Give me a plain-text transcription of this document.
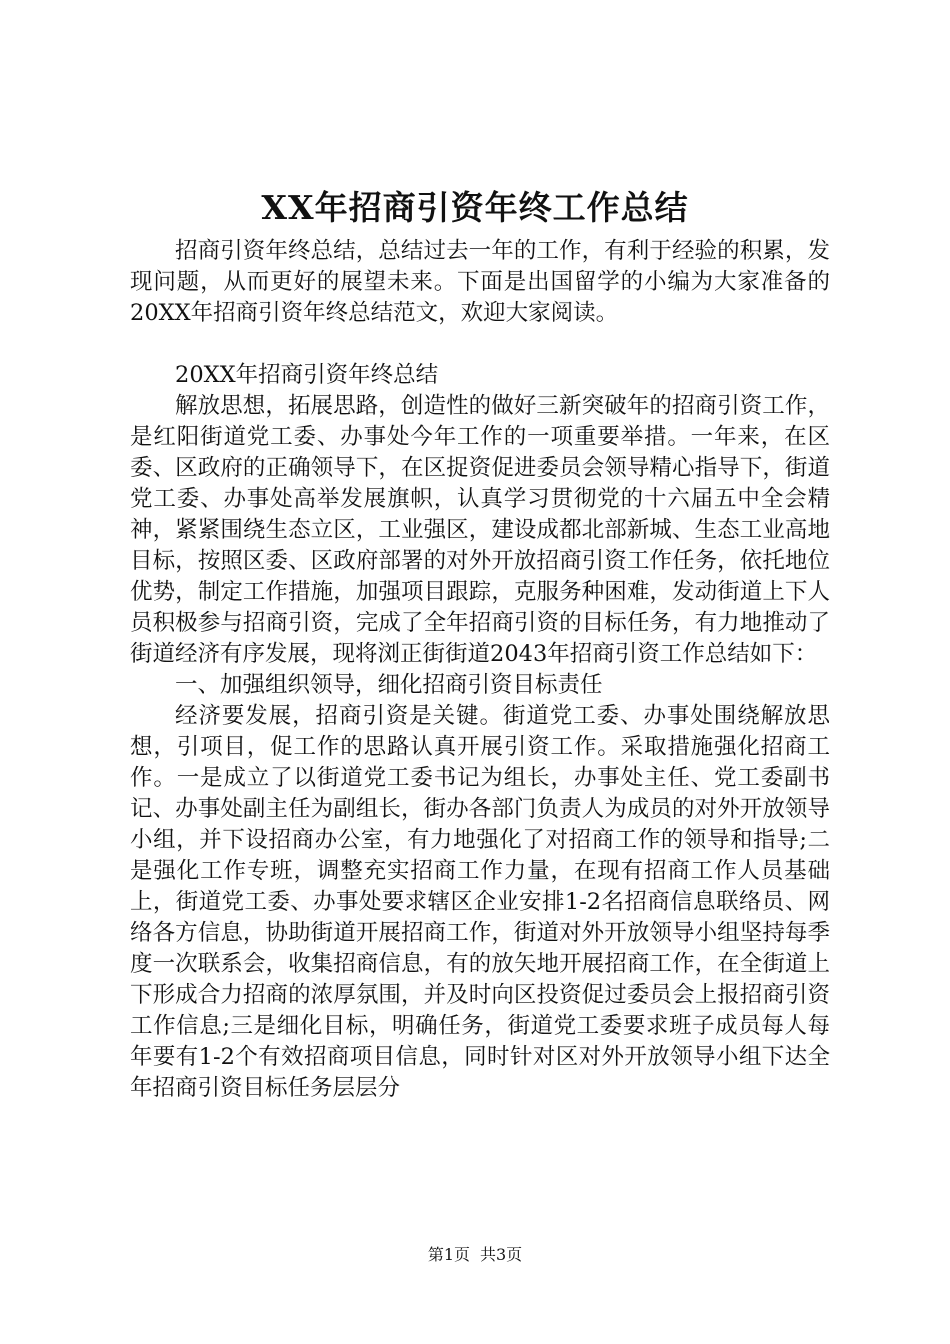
XX年招商引资年终工作总结

招商引资年终总结，总结过去一年的工作，有利于经验的积累，发现问题，从而更好的展望未来。下面是出国留学的小编为大家准备的20XX年招商引资年终总结范文，欢迎大家阅读。

20XX年招商引资年终总结

解放思想，拓展思路，创造性的做好三新突破年的招商引资工作，是红阳街道党工委、办事处今年工作的一项重要举措。一年来，在区委、区政府的正确领导下，在区捉资促进委员会领导精心指导下，街道党工委、办事处高举发展旗帜，认真学习贯彻党的十六届五中全会精神，紧紧围绕生态立区，工业强区，建设成都北部新城、生态工业高地目标，按照区委、区政府部署的对外开放招商引资工作任务，依托地位优势，制定工作措施，加强项目跟踪，克服务种困难，发动街道上下人员积极参与招商引资，完成了全年招商引资的目标任务，有力地推动了街道经济有序发展，现将浏正街街道2043年招商引资工作总结如下：

一、加强组织领导，细化招商引资目标责任

经济要发展，招商引资是关键。街道党工委、办事处围绕解放思想，引项目，促工作的思路认真开展引资工作。采取措施强化招商工作。一是成立了以街道党工委书记为组长，办事处主任、党工委副书记、办事处副主任为副组长，街办各部门负责人为成员的对外开放领导小组，并下设招商办公室，有力地强化了对招商工作的领导和指导;二是强化工作专班，调整充实招商工作力量，在现有招商工作人员基础上，街道党工委、办事处要求辖区企业安排1-2名招商信息联络员、网络各方信息，协助街道开展招商工作，街道对外开放领导小组坚持每季度一次联系会，收集招商信息，有的放矢地开展招商工作，在全街道上下形成合力招商的浓厚氛围，并及时向区投资促过委员会上报招商引资工作信息;三是细化目标，明确任务，街道党工委要求班子成员每人每年要有1-2个有效招商项目信息，同时针对区对外开放领导小组下达全年招商引资目标任务层层分

第1页 共3页
